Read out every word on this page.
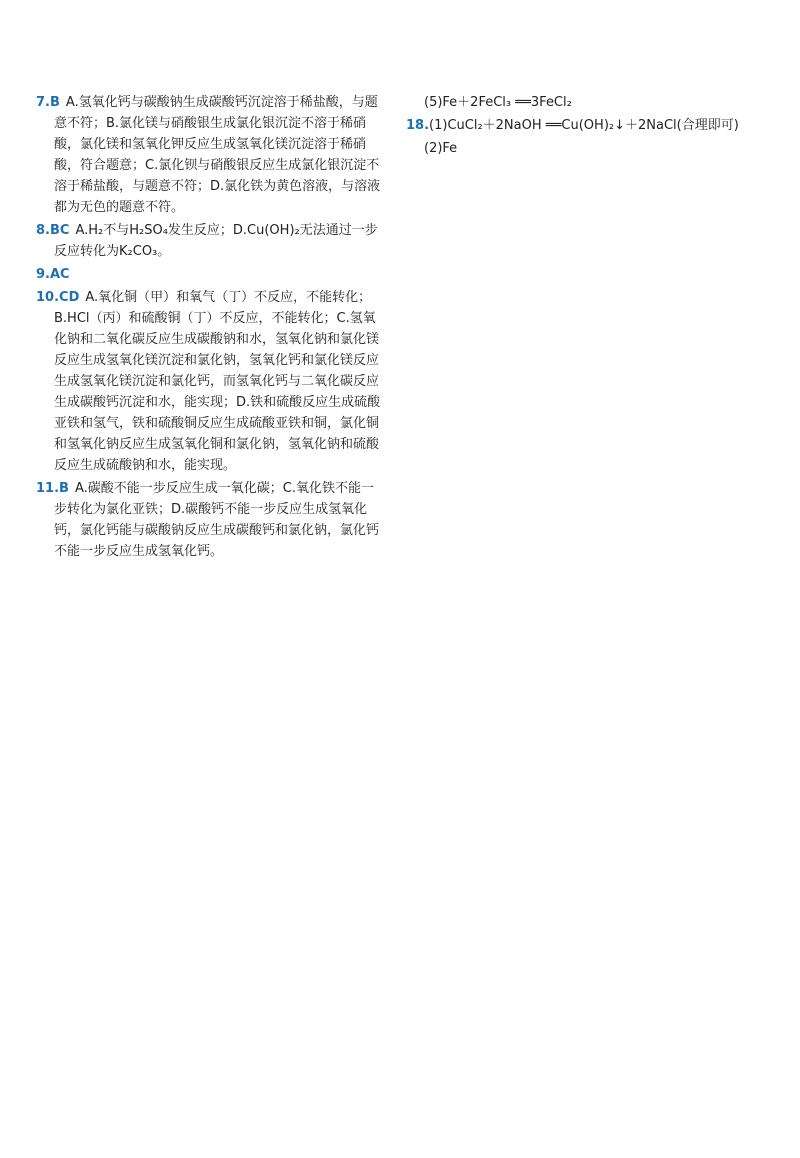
7.B A.氢氧化钙与碳酸钠生成碳酸钙沉淀溶于稀盐酸，与题意不符；B.氯化镁与硝酸银生成氯化银沉淀不溶于稀硝酸，氯化镁和氢氧化钾反应生成氢氧化镁沉淀溶于稀硝酸，符合题意；C.氯化钡与硝酸银反应生成氯化银沉淀不溶于稀盐酸，与题意不符；D.氯化铁为黄色溶液，与溶液都为无色的题意不符。
8.BC A.H₂不与H₂SO₄发生反应；D.Cu(OH)₂无法通过一步反应转化为K₂CO₃。
9.AC
10.CD A.氧化铜（甲）和氧气（丁）不反应，不能转化；B.HCl（丙）和硫酸铜（丁）不反应，不能转化；C.氢氧化钠和二氧化碳反应生成碳酸钠和水，氢氧化钠和氯化镁反应生成氢氧化镁沉淀和氯化钠，氢氧化钙和氯化镁反应生成氢氧化镁沉淀和氯化钙，而氢氧化钙与二氧化碳反应生成碳酸钙沉淀和水，能实现；D.铁和硫酸反应生成硫酸亚铁和氢气，铁和硫酸铜反应生成硫酸亚铁和铜，氯化铜和氢氧化钠反应生成氢氧化铜和氯化钠，氢氧化钠和硫酸反应生成硫酸钠和水，能实现。
11.B A.碳酸不能一步反应生成一氧化碳；C.氧化铁不能一步转化为氯化亚铁；D.碳酸钙不能一步反应生成氢氧化钙，氯化钙能与碳酸钠反应生成碳酸钙和氯化钠，氯化钙不能一步反应生成氢氧化钙。
(5)Fe＋2FeCl₃ ══3FeCl₂
18.(1)CuCl₂＋2NaOH ══Cu(OH)₂↓＋2NaCl(合理即可)
(2)Fe
